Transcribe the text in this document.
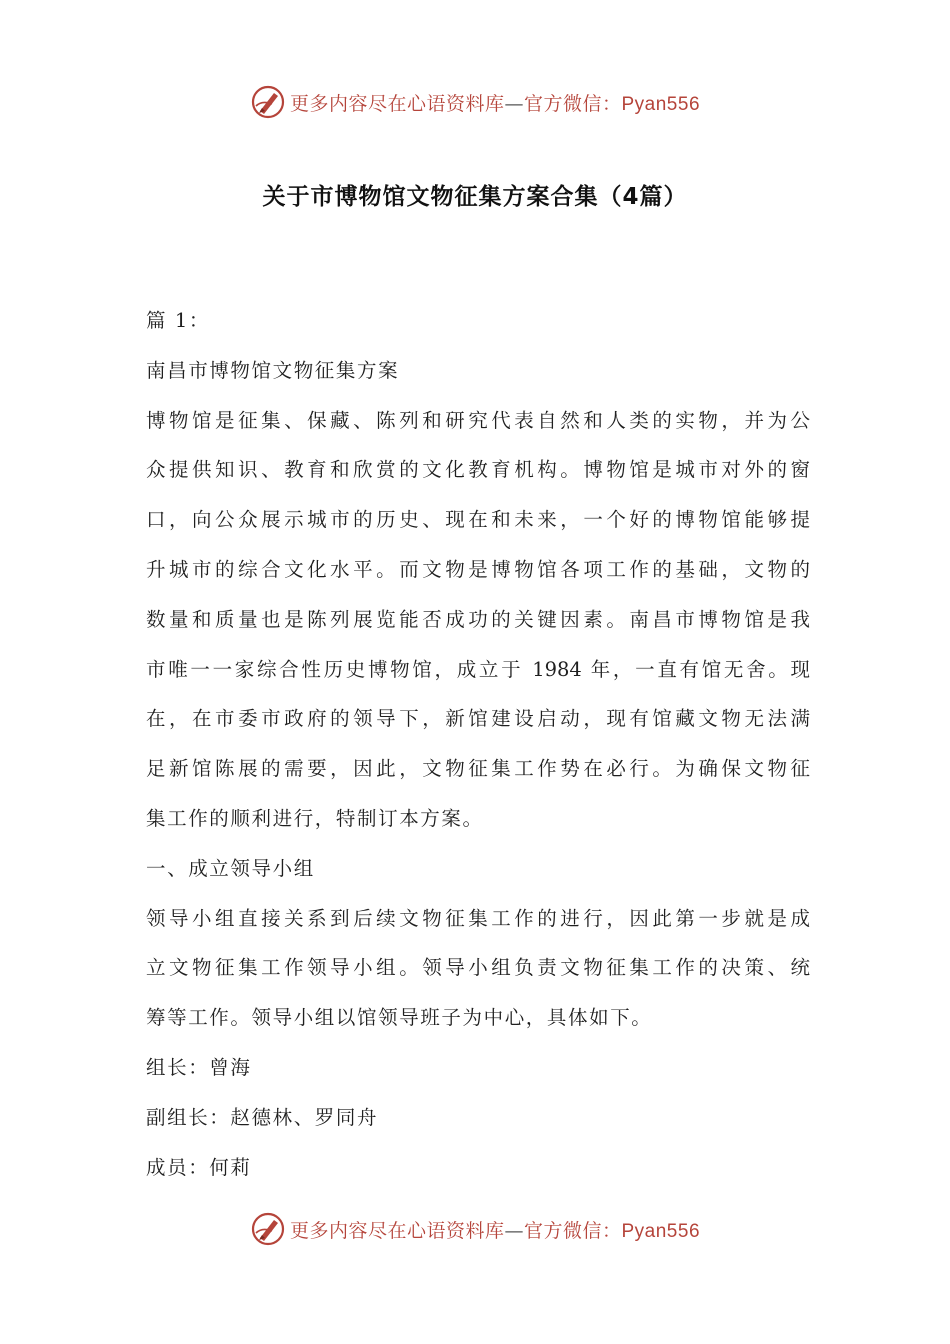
更多内容尽在心语资料库—官方微信：Pyan556
关于市博物馆文物征集方案合集（4篇）
篇 1：
南昌市博物馆文物征集方案
博物馆是征集、保藏、陈列和研究代表自然和人类的实物，并为公
众提供知识、教育和欣赏的文化教育机构。博物馆是城市对外的窗
口，向公众展示城市的历史、现在和未来，一个好的博物馆能够提
升城市的综合文化水平。而文物是博物馆各项工作的基础，文物的
数量和质量也是陈列展览能否成功的关键因素。南昌市博物馆是我
市唯一一家综合性历史博物馆，成立于 1984 年，一直有馆无舍。现
在，在市委市政府的领导下，新馆建设启动，现有馆藏文物无法满
足新馆陈展的需要，因此，文物征集工作势在必行。为确保文物征
集工作的顺利进行，特制订本方案。
一、成立领导小组
领导小组直接关系到后续文物征集工作的进行，因此第一步就是成
立文物征集工作领导小组。领导小组负责文物征集工作的决策、统
筹等工作。领导小组以馆领导班子为中心，具体如下。
组长：曾海
副组长：赵德林、罗同舟
成员：何莉
更多内容尽在心语资料库—官方微信：Pyan556
